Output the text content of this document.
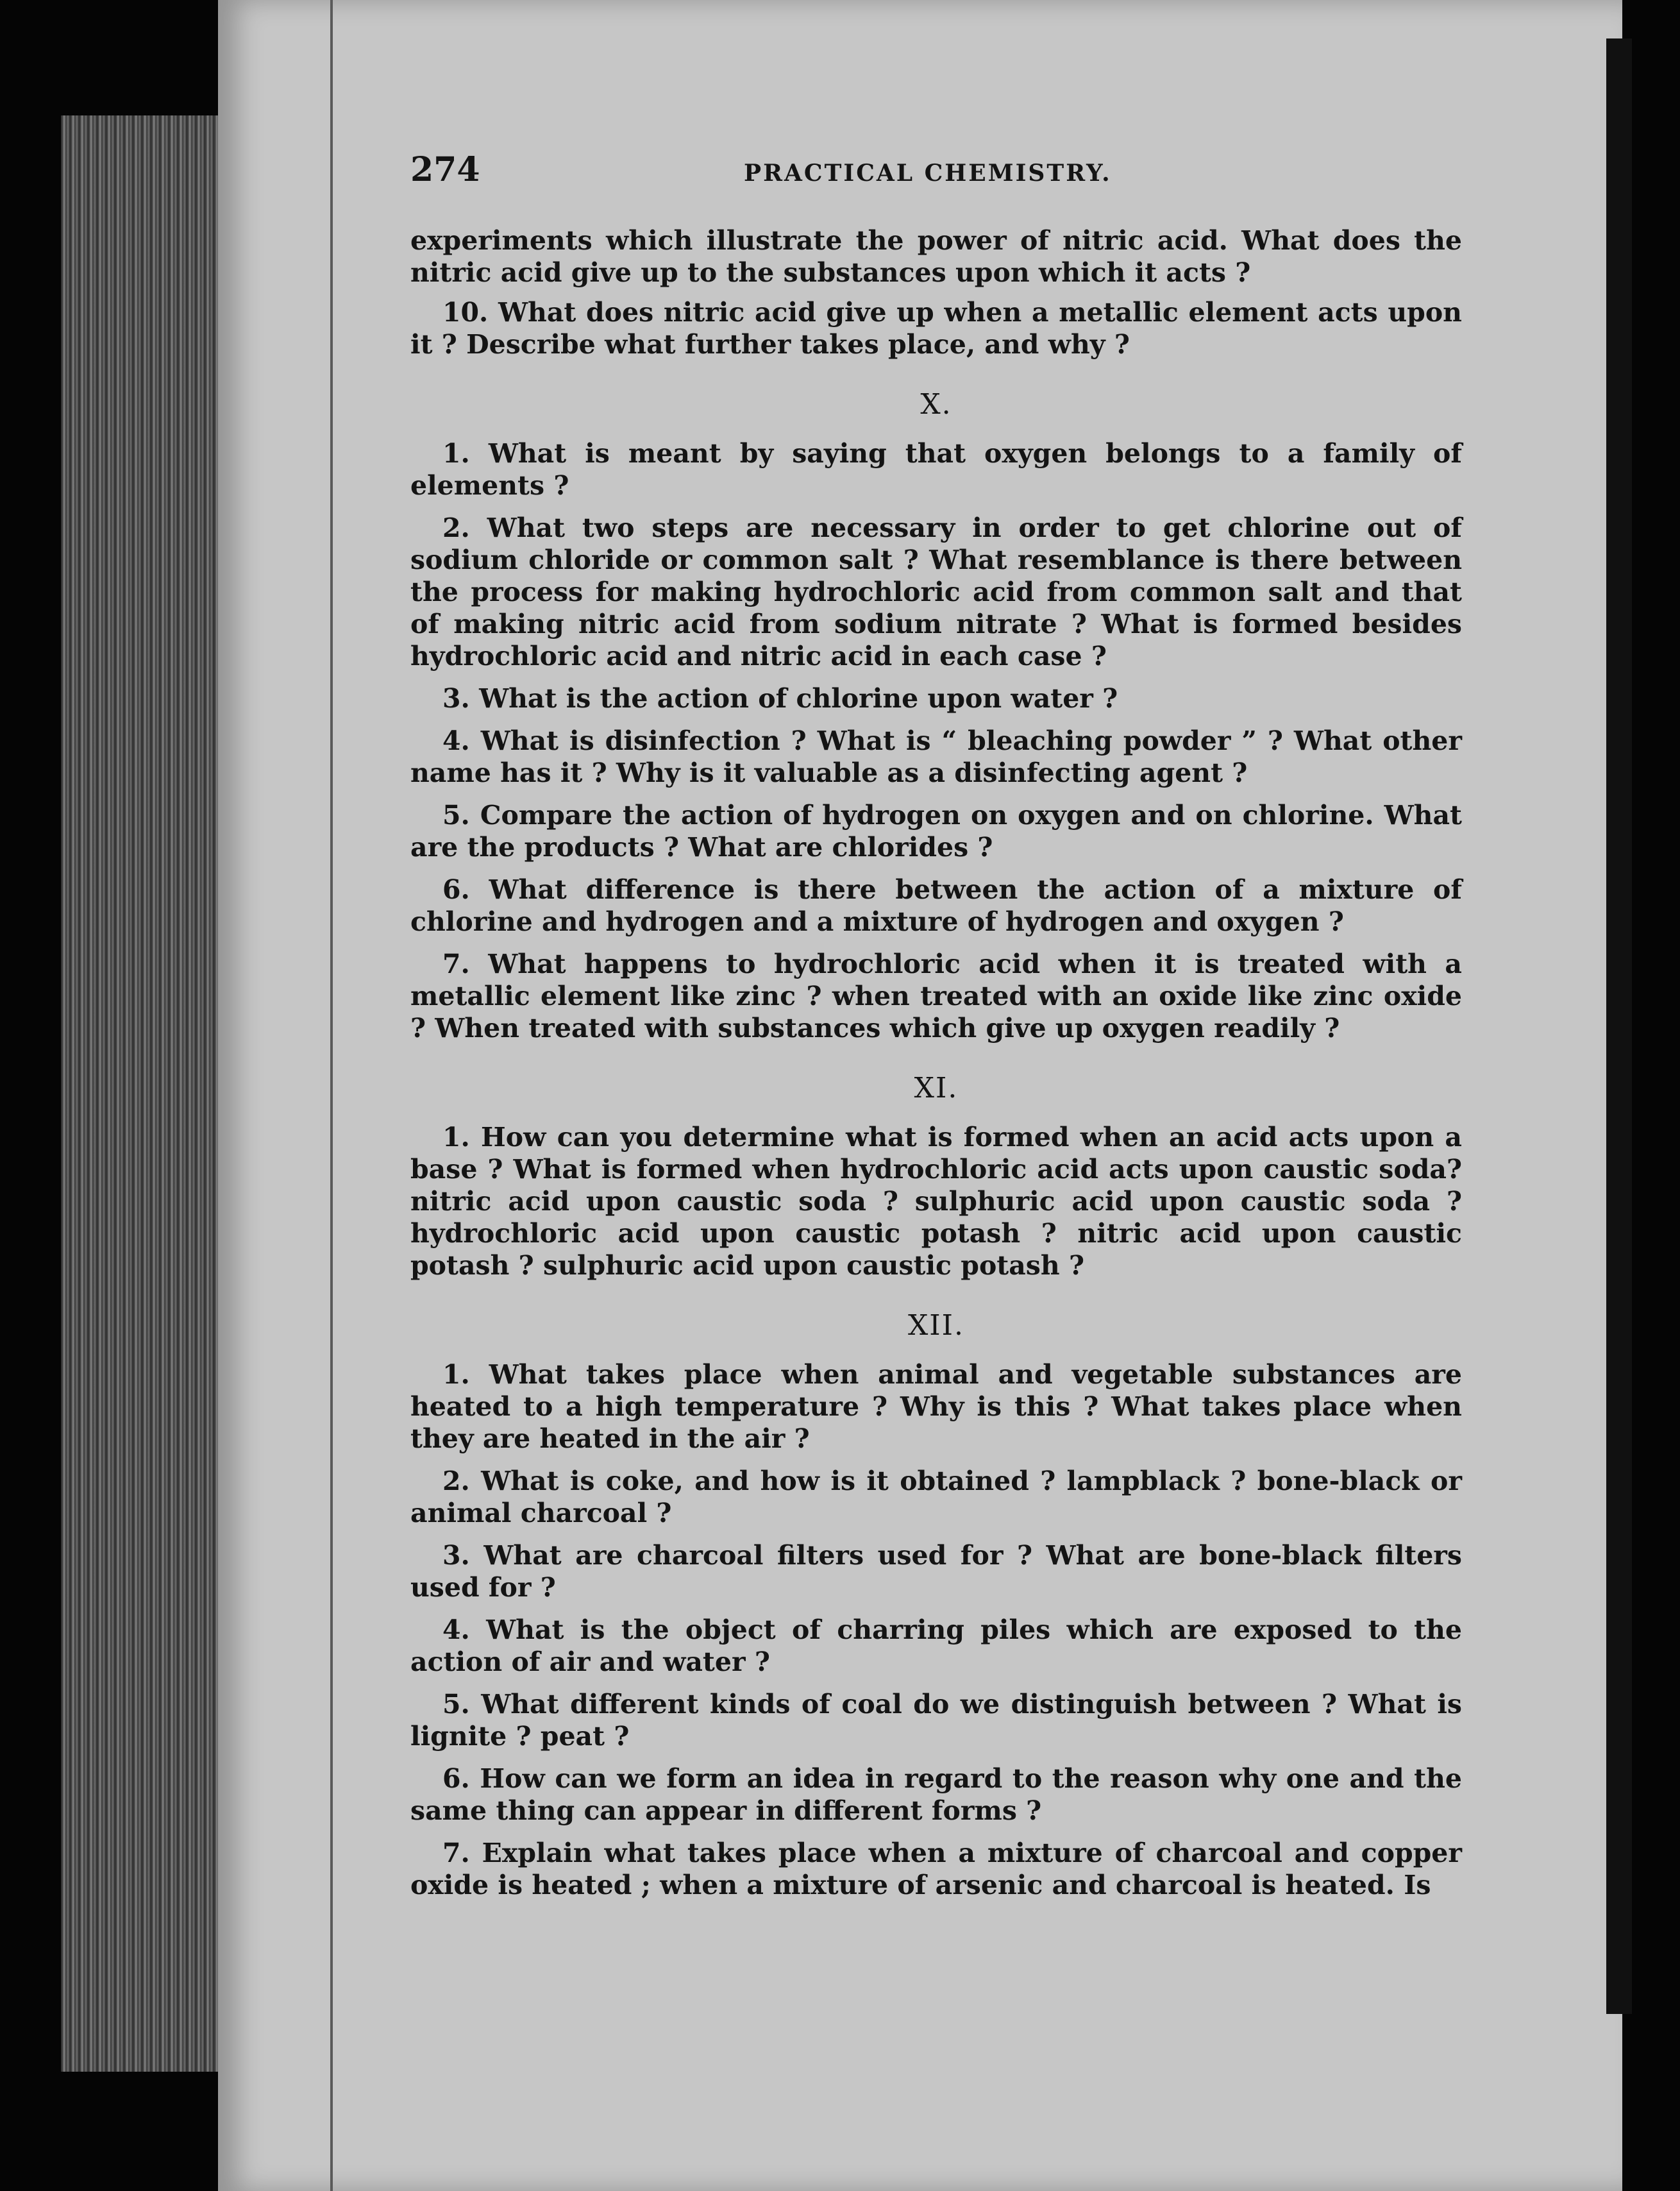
274	PRACTICAL CHEMISTRY.

experiments which illustrate the power of nitric acid. What does the nitric acid give up to the substances upon which it acts ?

10. What does nitric acid give up when a metallic element acts upon it ? Describe what further takes place, and why ?

X.

1. What is meant by saying that oxygen belongs to a family of elements ?

2. What two steps are necessary in order to get chlorine out of sodium chloride or common salt ? What resemblance is there between the process for making hydrochloric acid from common salt and that of making nitric acid from sodium nitrate ? What is formed besides hydrochloric acid and nitric acid in each case ?

3. What is the action of chlorine upon water ?

4. What is disinfection ? What is “ bleaching powder ” ? What other name has it ? Why is it valuable as a disinfecting agent ?

5. Compare the action of hydrogen on oxygen and on chlorine. What are the products ? What are chlorides ?

6. What difference is there between the action of a mixture of chlorine and hydrogen and a mixture of hydrogen and oxygen ?

7. What happens to hydrochloric acid when it is treated with a metallic element like zinc ? when treated with an oxide like zinc oxide ? When treated with substances which give up oxygen readily ?

XI.

1. How can you determine what is formed when an acid acts upon a base ? What is formed when hydrochloric acid acts upon caustic soda? nitric acid upon caustic soda ? sulphuric acid upon caustic soda ? hydrochloric acid upon caustic potash ? nitric acid upon caustic potash ? sulphuric acid upon caustic potash ?

XII.

1. What takes place when animal and vegetable substances are heated to a high temperature ? Why is this ? What takes place when they are heated in the air ?

2. What is coke, and how is it obtained ? lampblack ? bone-black or animal charcoal ?

3. What are charcoal filters used for ? What are bone-black filters used for ?

4. What is the object of charring piles which are exposed to the action of air and water ?

5. What different kinds of coal do we distinguish between ? What is lignite ? peat ?

6. How can we form an idea in regard to the reason why one and the same thing can appear in different forms ?

7. Explain what takes place when a mixture of charcoal and copper oxide is heated ; when a mixture of arsenic and charcoal is heated. Is
